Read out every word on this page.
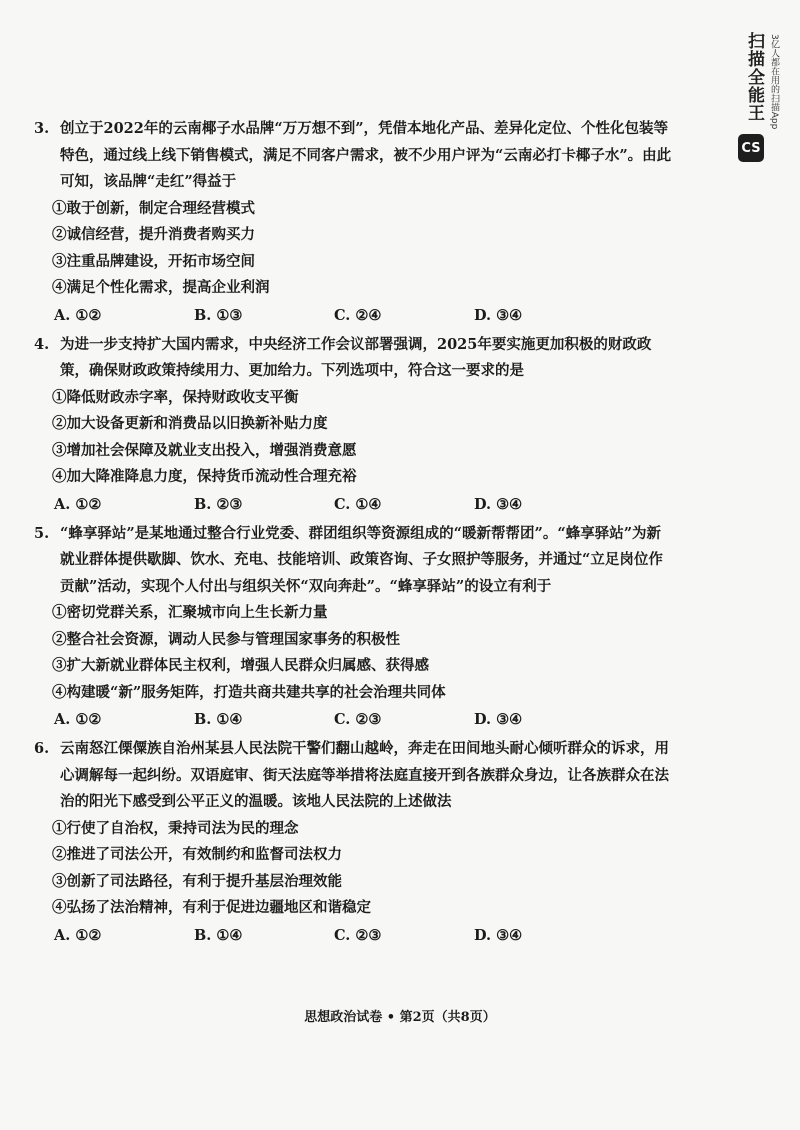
扫描全能王 3亿人都在用的扫描App
CS

3. 创立于2022年的云南椰子水品牌“万万想不到”，凭借本地化产品、差异化定位、个性化包装等特色，通过线上线下销售模式，满足不同客户需求，被不少用户评为“云南必打卡椰子水”。由此可知，该品牌“走红”得益于

①敢于创新，制定合理经营模式

②诚信经营，提升消费者购买力

③注重品牌建设，开拓市场空间

④满足个性化需求，提高企业利润

A. ①②	B. ①③	C. ②④	D. ③④

4. 为进一步支持扩大国内需求，中央经济工作会议部署强调，2025年要实施更加积极的财政政策，确保财政政策持续用力、更加给力。下列选项中，符合这一要求的是

①降低财政赤字率，保持财政收支平衡

②加大设备更新和消费品以旧换新补贴力度

③增加社会保障及就业支出投入，增强消费意愿

④加大降准降息力度，保持货币流动性合理充裕

A. ①②	B. ②③	C. ①④	D. ③④

5. “蜂享驿站”是某地通过整合行业党委、群团组织等资源组成的“暖新帮帮团”。“蜂享驿站”为新就业群体提供歇脚、饮水、充电、技能培训、政策咨询、子女照护等服务，并通过“立足岗位作贡献”活动，实现个人付出与组织关怀“双向奔赴”。“蜂享驿站”的设立有利于

①密切党群关系，汇聚城市向上生长新力量

②整合社会资源，调动人民参与管理国家事务的积极性

③扩大新就业群体民主权利，增强人民群众归属感、获得感

④构建暖“新”服务矩阵，打造共商共建共享的社会治理共同体

A. ①②	B. ①④	C. ②③	D. ③④

6. 云南怒江傈僳族自治州某县人民法院干警们翻山越岭，奔走在田间地头耐心倾听群众的诉求，用心调解每一起纠纷。双语庭审、街天法庭等举措将法庭直接开到各族群众身边，让各族群众在法治的阳光下感受到公平正义的温暖。该地人民法院的上述做法

①行使了自治权，秉持司法为民的理念

②推进了司法公开，有效制约和监督司法权力

③创新了司法路径，有利于提升基层治理效能

④弘扬了法治精神，有利于促进边疆地区和谐稳定

A. ①②	B. ①④	C. ②③	D. ③④
思想政治试卷 • 第2页（共8页）
